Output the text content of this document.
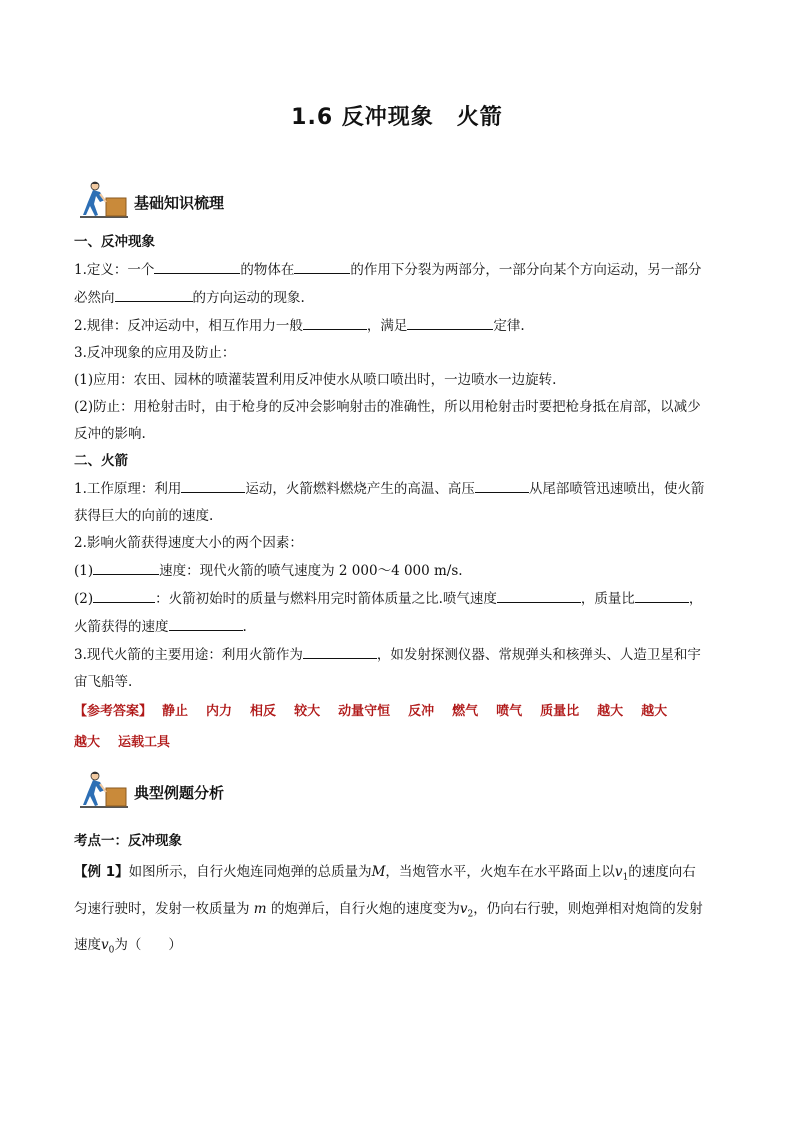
1.6 反冲现象　火箭
基础知识梳理

一、反冲现象

1.定义：一个	的物体在	的作用下分裂为两部分，一部分向某个方向运动，另一部分

必然向	的方向运动的现象.

2.规律：反冲运动中，相互作用力一般	，满足	定律.

3.反冲现象的应用及防止：

(1)应用：农田、园林的喷灌装置利用反冲使水从喷口喷出时，一边喷水一边旋转.

(2)防止：用枪射击时，由于枪身的反冲会影响射击的准确性，所以用枪射击时要把枪身抵在肩部，以减少

反冲的影响.

二、火箭

1.工作原理：利用	运动，火箭燃料燃烧产生的高温、高压	从尾部喷管迅速喷出，使火箭

获得巨大的向前的速度.

2.影响火箭获得速度大小的两个因素：

(1)	速度：现代火箭的喷气速度为 2 000～4 000 m/s.

(2)	：火箭初始时的质量与燃料用完时箭体质量之比.喷气速度	，质量比	，

火箭获得的速度	.

3.现代火箭的主要用途：利用火箭作为	，如发射探测仪器、常规弹头和核弹头、人造卫星和宇

宙飞船等.

【参考答案】 静止 内力 相反 较大 动量守恒 反冲 燃气 喷气 质量比 越大 越大
越大 运载工具
典型例题分析

考点一：反冲现象

【例 1】如图所示，自行火炮连同炮弹的总质量为M，当炮管水平，火炮车在水平路面上以$v_1$的速度向右

匀速行驶时，发射一枚质量为 m 的炮弹后，自行火炮的速度变为$v_2$，仍向右行驶，则炮弹相对炮筒的发射

速度$v_0$为（　　）
